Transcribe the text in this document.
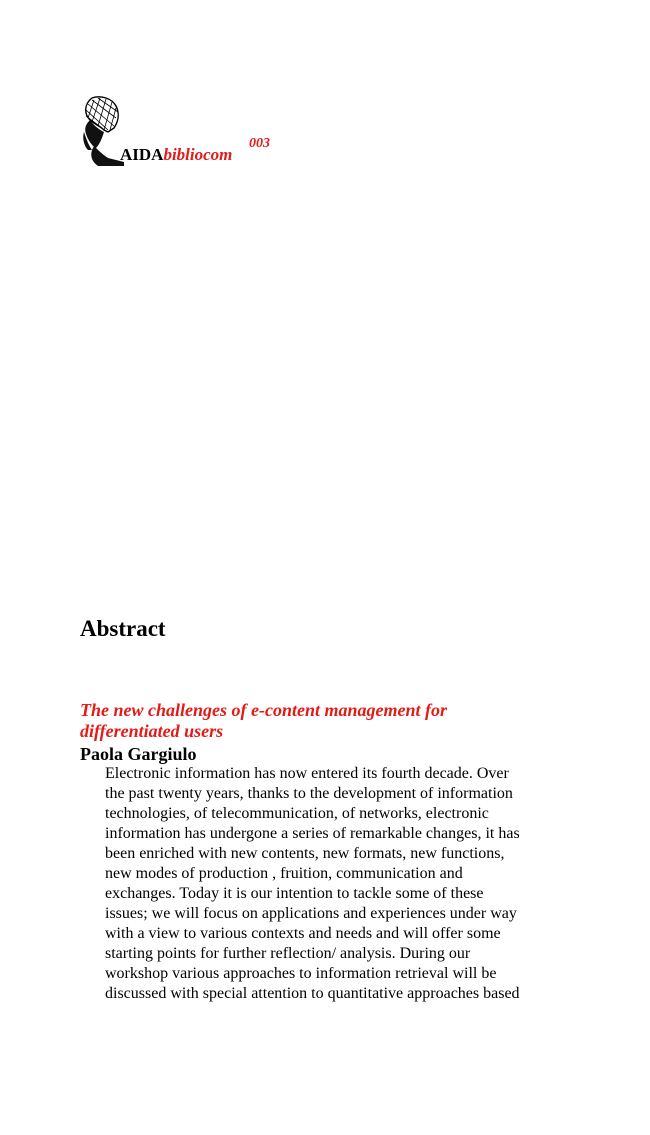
AIDAbibliocom
003
Abstract
The new challenges of e-content management for differentiated users
Paola Gargiulo
Electronic information has now entered its fourth decade. Over
the past twenty years, thanks to the development of information
technologies, of telecommunication, of networks, electronic
information has undergone a series of remarkable changes, it has
been enriched with new contents, new formats, new functions,
new modes of production , fruition, communication and
exchanges. Today it is our intention to tackle some of these
issues; we will focus on applications and experiences under way
with a view to various contexts and needs and will offer some
starting points for further reflection/ analysis. During our
workshop various approaches to information retrieval will be
discussed with special attention to quantitative approaches based
